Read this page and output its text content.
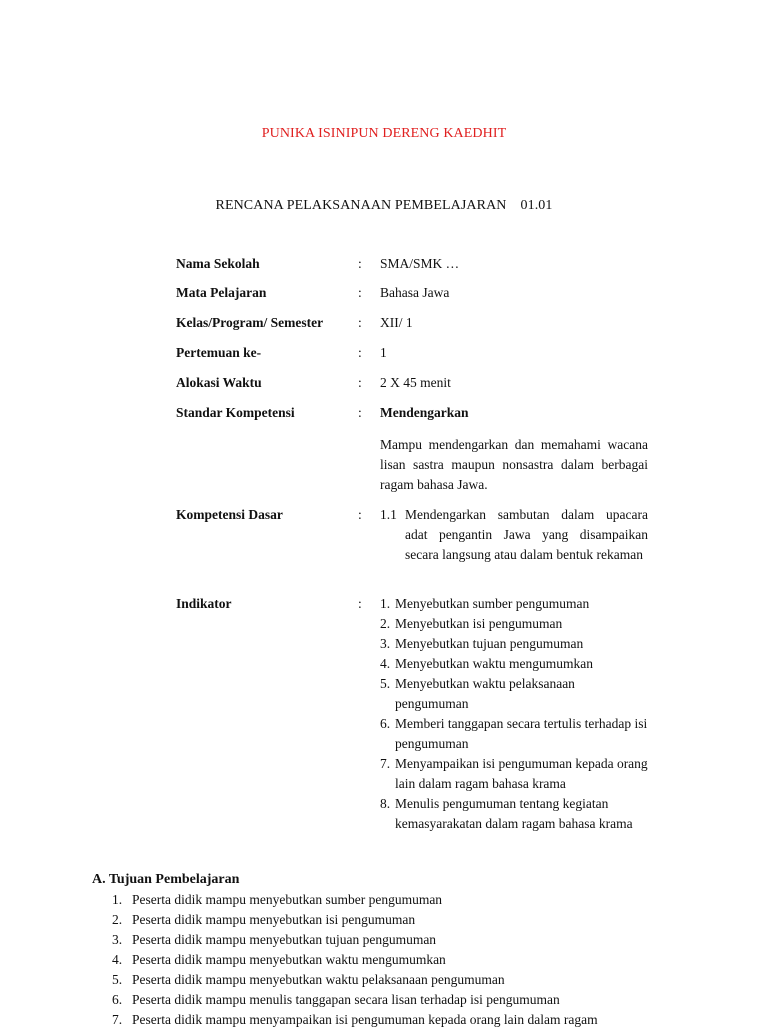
PUNIKA ISINIPUN DERENG KAEDHIT
RENCANA PELAKSANAAN PEMBELAJARAN 01.01
Nama Sekolah	: SMA/SMK …
Mata Pelajaran	: Bahasa Jawa
Kelas/Program/ Semester	: XII/ 1
Pertemuan ke-	: 1
Alokasi Waktu	: 2 X 45 menit
Standar Kompetensi	: Mendengarkan
Mampu mendengarkan dan memahami wacana lisan sastra maupun nonsastra dalam berbagai ragam bahasa Jawa.
Kompetensi Dasar	: 1.1 Mendengarkan sambutan dalam upacara adat pengantin Jawa yang disampaikan secara langsung atau dalam bentuk rekaman
Indikator	: 1. Menyebutkan sumber pengumuman
2. Menyebutkan isi pengumuman
3. Menyebutkan tujuan pengumuman
4. Menyebutkan waktu mengumumkan
5. Menyebutkan waktu pelaksanaan pengumuman
6. Memberi tanggapan secara tertulis terhadap isi pengumuman
7. Menyampaikan isi pengumuman kepada orang lain dalam ragam bahasa krama
8. Menulis pengumuman tentang kegiatan kemasyarakatan dalam ragam bahasa krama
A. Tujuan Pembelajaran
1. Peserta didik mampu menyebutkan sumber pengumuman
2. Peserta didik mampu menyebutkan isi pengumuman
3. Peserta didik mampu menyebutkan tujuan pengumuman
4. Peserta didik mampu menyebutkan waktu mengumumkan
5. Peserta didik mampu menyebutkan waktu pelaksanaan pengumuman
6. Peserta didik mampu menulis tanggapan secara lisan terhadap isi pengumuman
7. Peserta didik mampu menyampaikan isi pengumuman kepada orang lain dalam ragam
